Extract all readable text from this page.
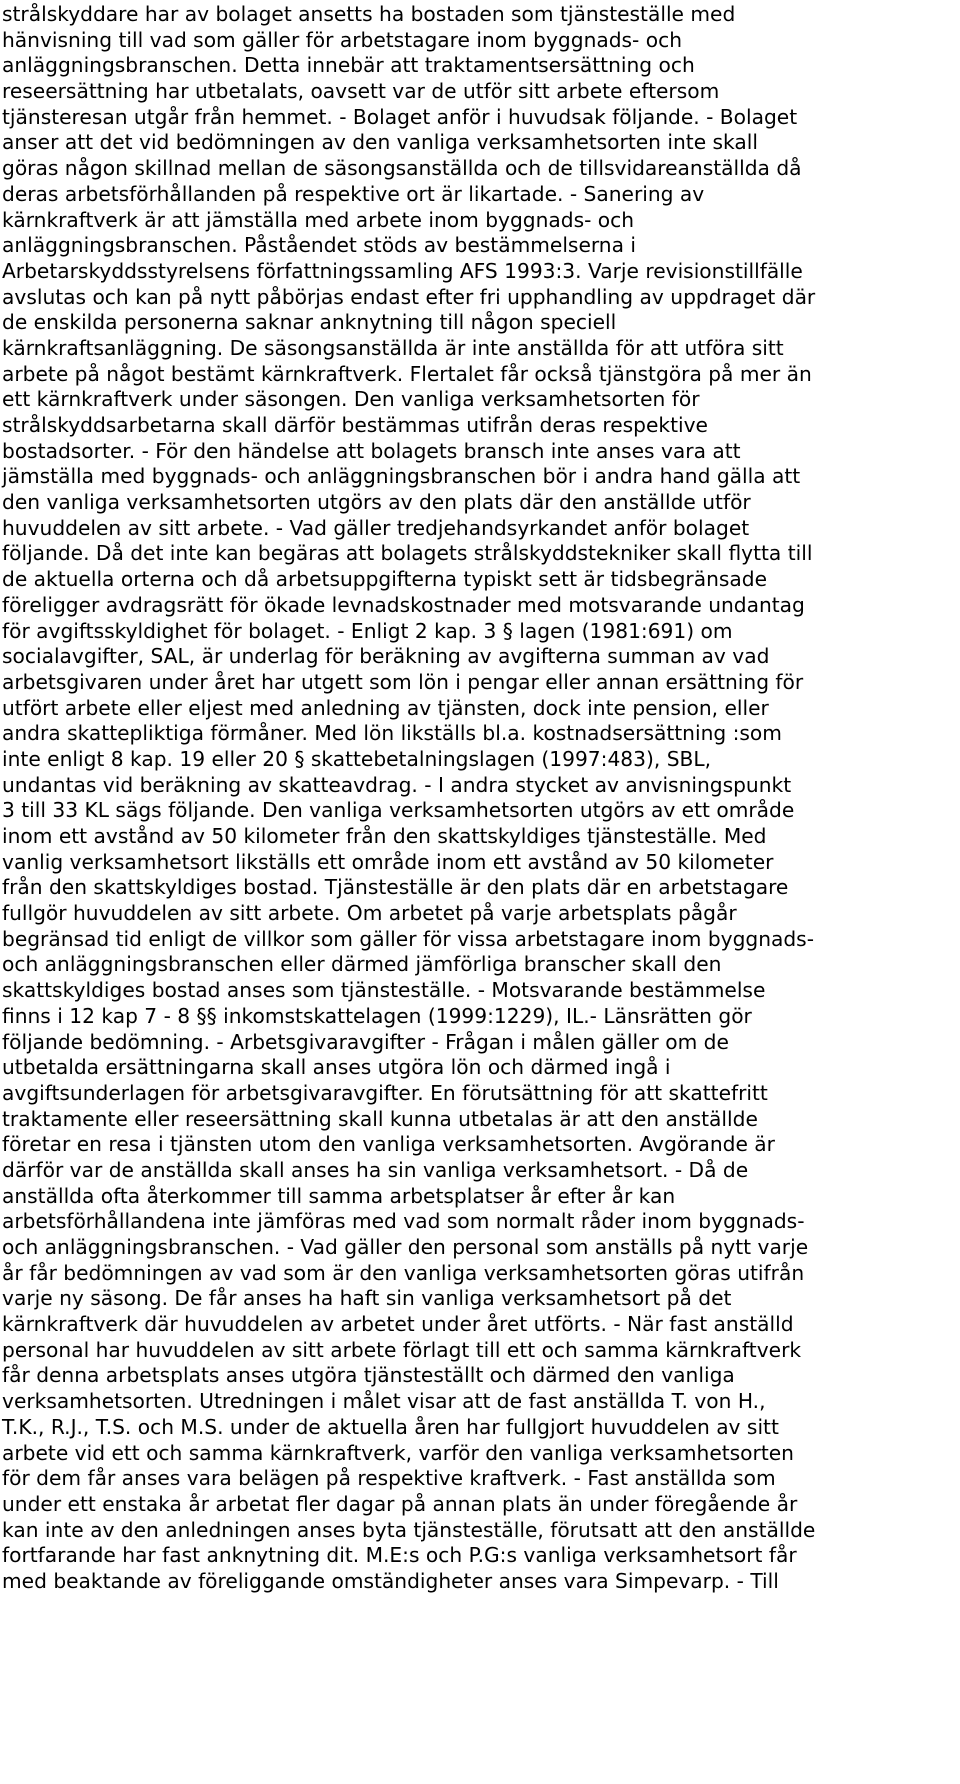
strålskyddare har av bolaget ansetts ha bostaden som tjänsteställe med
hänvisning till vad som gäller för arbetstagare inom byggnads- och
anläggningsbranschen. Detta innebär att traktamentsersättning och
reseersättning har utbetalats, oavsett var de utför sitt arbete eftersom
tjänsteresan utgår från hemmet. - Bolaget anför i huvudsak följande. - Bolaget
anser att det vid bedömningen av den vanliga verksamhetsorten inte skall
göras någon skillnad mellan de säsongsanställda och de tillsvidareanställda då
deras arbetsförhållanden på respektive ort är likartade. - Sanering av
kärnkraftverk är att jämställa med arbete inom byggnads- och
anläggningsbranschen. Påståendet stöds av bestämmelserna i
Arbetarskyddsstyrelsens författningssamling AFS 1993:3. Varje revisionstillfälle
avslutas och kan på nytt påbörjas endast efter fri upphandling av uppdraget där
de enskilda personerna saknar anknytning till någon speciell
kärnkraftsanläggning. De säsongsanställda är inte anställda för att utföra sitt
arbete på något bestämt kärnkraftverk. Flertalet får också tjänstgöra på mer än
ett kärnkraftverk under säsongen. Den vanliga verksamhetsorten för
strålskyddsarbetarna skall därför bestämmas utifrån deras respektive
bostadsorter. - För den händelse att bolagets bransch inte anses vara att
jämställa med byggnads- och anläggningsbranschen bör i andra hand gälla att
den vanliga verksamhetsorten utgörs av den plats där den anställde utför
huvuddelen av sitt arbete. - Vad gäller tredjehandsyrkandet anför bolaget
följande. Då det inte kan begäras att bolagets strålskyddstekniker skall flytta till
de aktuella orterna och då arbetsuppgifterna typiskt sett är tidsbegränsade
föreligger avdragsrätt för ökade levnadskostnader med motsvarande undantag
för avgiftsskyldighet för bolaget. - Enligt 2 kap. 3 § lagen (1981:691) om
socialavgifter, SAL, är underlag för beräkning av avgifterna summan av vad
arbetsgivaren under året har utgett som lön i pengar eller annan ersättning för
utfört arbete eller eljest med anledning av tjänsten, dock inte pension, eller
andra skattepliktiga förmåner. Med lön likställs bl.a. kostnadsersättning :som
inte enligt 8 kap. 19 eller 20 § skattebetalningslagen (1997:483), SBL,
undantas vid beräkning av skatteavdrag. - I andra stycket av anvisningspunkt
3 till 33 KL sägs följande. Den vanliga verksamhetsorten utgörs av ett område
inom ett avstånd av 50 kilometer från den skattskyldiges tjänsteställe. Med
vanlig verksamhetsort likställs ett område inom ett avstånd av 50 kilometer
från den skattskyldiges bostad. Tjänsteställe är den plats där en arbetstagare
fullgör huvuddelen av sitt arbete. Om arbetet på varje arbetsplats pågår
begränsad tid enligt de villkor som gäller för vissa arbetstagare inom byggnads-
och anläggningsbranschen eller därmed jämförliga branscher skall den
skattskyldiges bostad anses som tjänsteställe. - Motsvarande bestämmelse
finns i 12 kap 7 - 8 §§ inkomstskattelagen (1999:1229), IL.- Länsrätten gör
följande bedömning. - Arbetsgivaravgifter - Frågan i målen gäller om de
utbetalda ersättningarna skall anses utgöra lön och därmed ingå i
avgiftsunderlagen för arbetsgivaravgifter. En förutsättning för att skattefritt
traktamente eller reseersättning skall kunna utbetalas är att den anställde
företar en resa i tjänsten utom den vanliga verksamhetsorten. Avgörande är
därför var de anställda skall anses ha sin vanliga verksamhetsort. - Då de
anställda ofta återkommer till samma arbetsplatser år efter år kan
arbetsförhållandena inte jämföras med vad som normalt råder inom byggnads-
och anläggningsbranschen. - Vad gäller den personal som anställs på nytt varje
år får bedömningen av vad som är den vanliga verksamhetsorten göras utifrån
varje ny säsong. De får anses ha haft sin vanliga verksamhetsort på det
kärnkraftverk där huvuddelen av arbetet under året utförts. - När fast anställd
personal har huvuddelen av sitt arbete förlagt till ett och samma kärnkraftverk
får denna arbetsplats anses utgöra tjänsteställt och därmed den vanliga
verksamhetsorten. Utredningen i målet visar att de fast anställda T. von H.,
T.K., R.J., T.S. och M.S. under de aktuella åren har fullgjort huvuddelen av sitt
arbete vid ett och samma kärnkraftverk, varför den vanliga verksamhetsorten
för dem får anses vara belägen på respektive kraftverk. - Fast anställda som
under ett enstaka år arbetat fler dagar på annan plats än under föregående år
kan inte av den anledningen anses byta tjänsteställe, förutsatt att den anställde
fortfarande har fast anknytning dit. M.E:s och P.G:s vanliga verksamhetsort får
med beaktande av föreliggande omständigheter anses vara Simpevarp. - Till
